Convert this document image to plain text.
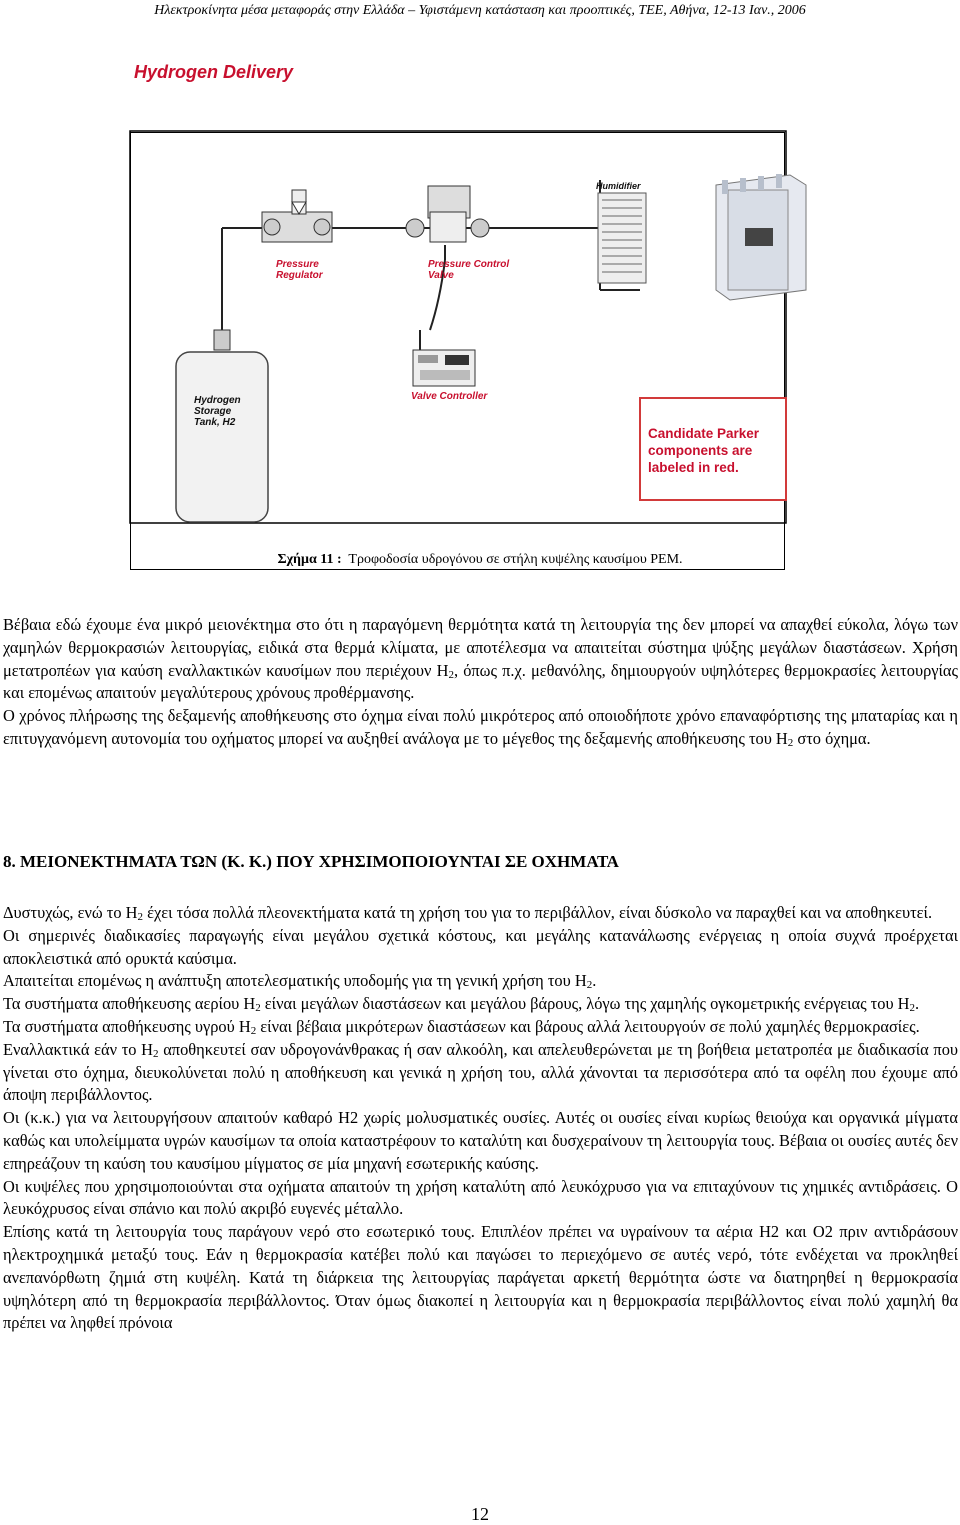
Ηλεκτροκίνητα μέσα μεταφοράς στην Ελλάδα – Υφιστάμενη κατάσταση και προοπτικές, ΤΕΕ, Αθήνα, 12-13 Ιαν., 2006
Hydrogen Delivery
Pressure
Regulator
Pressure Control
Valve
Humidifier
Hydrogen
Storage
Tank, H2
Valve Controller
Candidate Parker
components are
labeled in red.
Σχήμα 11 : Τροφοδοσία υδρογόνου σε στήλη κυψέλης καυσίμου PEM.

Βέβαια εδώ έχουμε ένα μικρό μειονέκτημα στο ότι η παραγόμενη θερμότητα κατά τη λειτουργία της δεν μπορεί να απαχθεί εύκολα, λόγω των χαμηλών θερμοκρασιών λειτουργίας, ειδικά στα θερμά κλίματα, με αποτέλεσμα να απαιτείται σύστημα ψύξης μεγάλων διαστάσεων. Χρήση μετατροπέων για καύση εναλλακτικών καυσίμων που περιέχουν $H_2$, όπως π.χ. μεθανόλης, δημιουργούν υψηλότερες θερμοκρασίες λειτουργίας και επομένως απαιτούν μεγαλύτερους χρόνους προθέρμανσης.

Ο χρόνος πλήρωσης της δεξαμενής αποθήκευσης στο όχημα είναι πολύ μικρότερος από οποιοδήποτε χρόνο επαναφόρτισης της μπαταρίας και η επιτυγχανόμενη αυτονομία του οχήματος μπορεί να αυξηθεί ανάλογα με το μέγεθος της δεξαμενής αποθήκευσης του $H_2$ στο όχημα.

8. ΜΕΙΟΝΕΚΤΗΜΑΤΑ ΤΩΝ (Κ. Κ.) ΠΟΥ ΧΡΗΣΙΜΟΠΟΙΟΥΝΤΑΙ ΣΕ ΟΧΗΜΑΤΑ

Δυστυχώς, ενώ το $H_2$ έχει τόσα πολλά πλεονεκτήματα κατά τη χρήση του για το περιβάλλον, είναι δύσκολο να παραχθεί και να αποθηκευτεί.

Οι σημερινές διαδικασίες παραγωγής είναι μεγάλου σχετικά κόστους, και μεγάλης κατανάλωσης ενέργειας η οποία συχνά προέρχεται αποκλειστικά από ορυκτά καύσιμα.

Απαιτείται επομένως η ανάπτυξη αποτελεσματικής υποδομής για τη γενική χρήση του $H_2$.

Τα συστήματα αποθήκευσης αερίου $H_2$ είναι μεγάλων διαστάσεων και μεγάλου βάρους, λόγω της χαμηλής ογκομετρικής ενέργειας του $H_2$.

Τα συστήματα αποθήκευσης υγρού $H_2$ είναι βέβαια μικρότερων διαστάσεων και βάρους αλλά λειτουργούν σε πολύ χαμηλές θερμοκρασίες.

Εναλλακτικά εάν το $H_2$ αποθηκευτεί σαν υδρογονάνθρακας ή σαν αλκοόλη, και απελευθερώνεται με τη βοήθεια μετατροπέα με διαδικασία που γίνεται στο όχημα, διευκολύνεται πολύ η αποθήκευση και γενικά η χρήση του, αλλά χάνονται τα περισσότερα από τα οφέλη που έχουμε από άποψη περιβάλλοντος.

Οι (κ.κ.) για να λειτουργήσουν απαιτούν καθαρό Η2 χωρίς μολυσματικές ουσίες. Αυτές οι ουσίες είναι κυρίως θειούχα και οργανικά μίγματα καθώς και υπολείμματα υγρών καυσίμων τα οποία καταστρέφουν το καταλύτη και δυσχεραίνουν τη λειτουργία τους. Βέβαια οι ουσίες αυτές δεν επηρεάζουν τη καύση του καυσίμου μίγματος σε μία μηχανή εσωτερικής καύσης.

Οι κυψέλες που χρησιμοποιούνται στα οχήματα απαιτούν τη χρήση καταλύτη από λευκόχρυσο για να επιταχύνουν τις χημικές αντιδράσεις. Ο λευκόχρυσος είναι σπάνιο και πολύ ακριβό ευγενές μέταλλο.

Επίσης κατά τη λειτουργία τους παράγουν νερό στο εσωτερικό τους. Επιπλέον πρέπει να υγραίνουν τα αέρια Η2 και Ο2 πριν αντιδράσουν ηλεκτροχημικά μεταξύ τους. Εάν η θερμοκρασία κατέβει πολύ και παγώσει το περιεχόμενο σε αυτές νερό, τότε ενδέχεται να προκληθεί ανεπανόρθωτη ζημιά στη κυψέλη. Κατά τη διάρκεια της λειτουργίας παράγεται αρκετή θερμότητα ώστε να διατηρηθεί η θερμοκρασία υψηλότερη από τη θερμοκρασία περιβάλλοντος. Όταν όμως διακοπεί η λειτουργία και η θερμοκρασία περιβάλλοντος είναι πολύ χαμηλή θα πρέπει να ληφθεί πρόνοια

12
